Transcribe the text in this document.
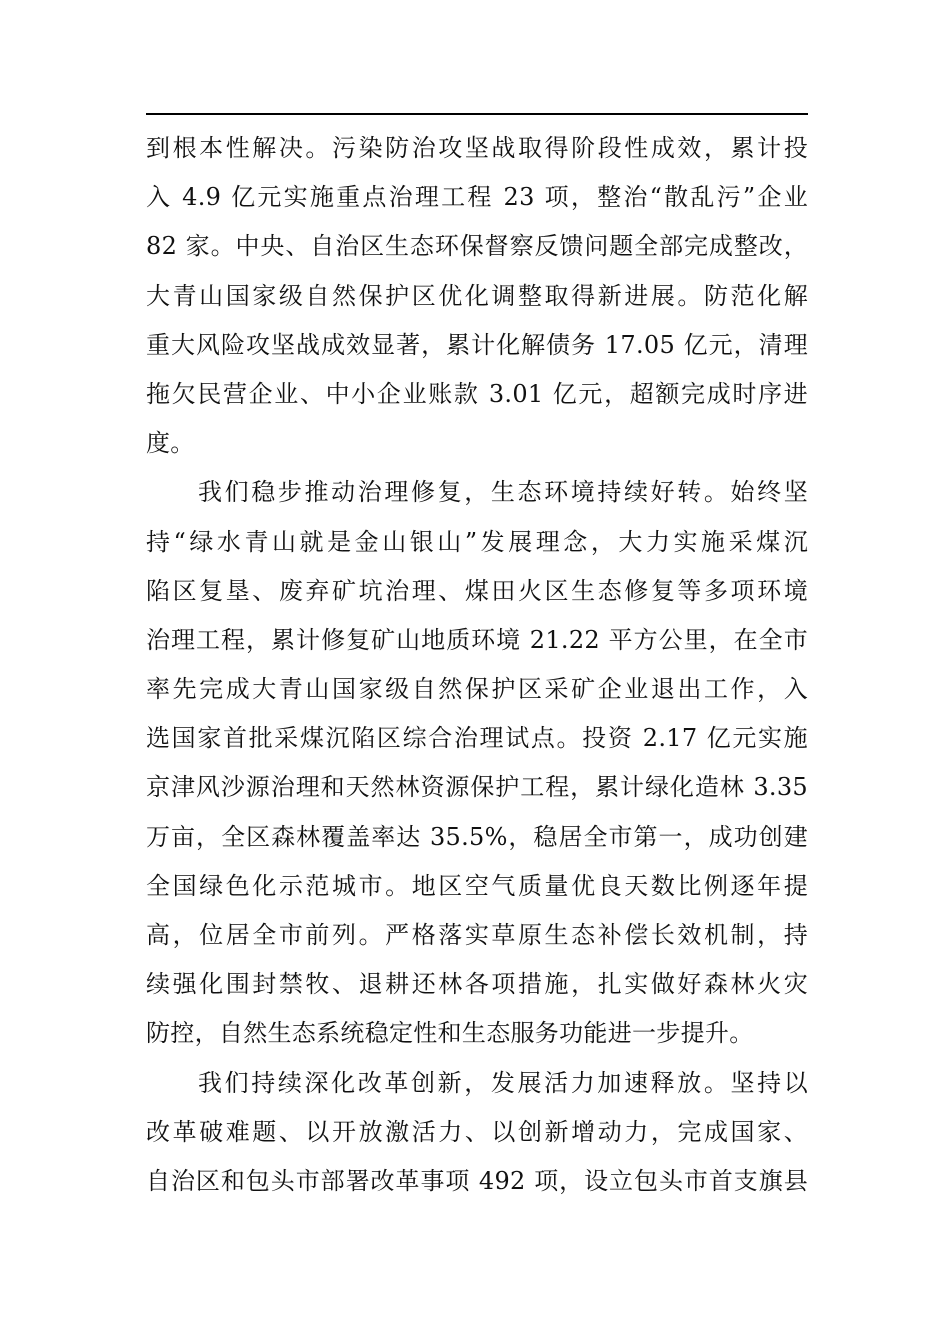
到根本性解决。污染防治攻坚战取得阶段性成效，累计投
入 4.9 亿元实施重点治理工程 23 项，整治“散乱污”企业
82 家。中央、自治区生态环保督察反馈问题全部完成整改，
大青山国家级自然保护区优化调整取得新进展。防范化解
重大风险攻坚战成效显著，累计化解债务 17.05 亿元，清理
拖欠民营企业、中小企业账款 3.01 亿元，超额完成时序进
度。
我们稳步推动治理修复，生态环境持续好转。始终坚
持“绿水青山就是金山银山”发展理念，大力实施采煤沉
陷区复垦、废弃矿坑治理、煤田火区生态修复等多项环境
治理工程，累计修复矿山地质环境 21.22 平方公里，在全市
率先完成大青山国家级自然保护区采矿企业退出工作，入
选国家首批采煤沉陷区综合治理试点。投资 2.17 亿元实施
京津风沙源治理和天然林资源保护工程，累计绿化造林 3.35
万亩，全区森林覆盖率达 35.5%，稳居全市第一，成功创建
全国绿色化示范城市。地区空气质量优良天数比例逐年提
高，位居全市前列。严格落实草原生态补偿长效机制，持
续强化围封禁牧、退耕还林各项措施，扎实做好森林火灾
防控，自然生态系统稳定性和生态服务功能进一步提升。
我们持续深化改革创新，发展活力加速释放。坚持以
改革破难题、以开放激活力、以创新增动力，完成国家、
自治区和包头市部署改革事项 492 项，设立包头市首支旗县
